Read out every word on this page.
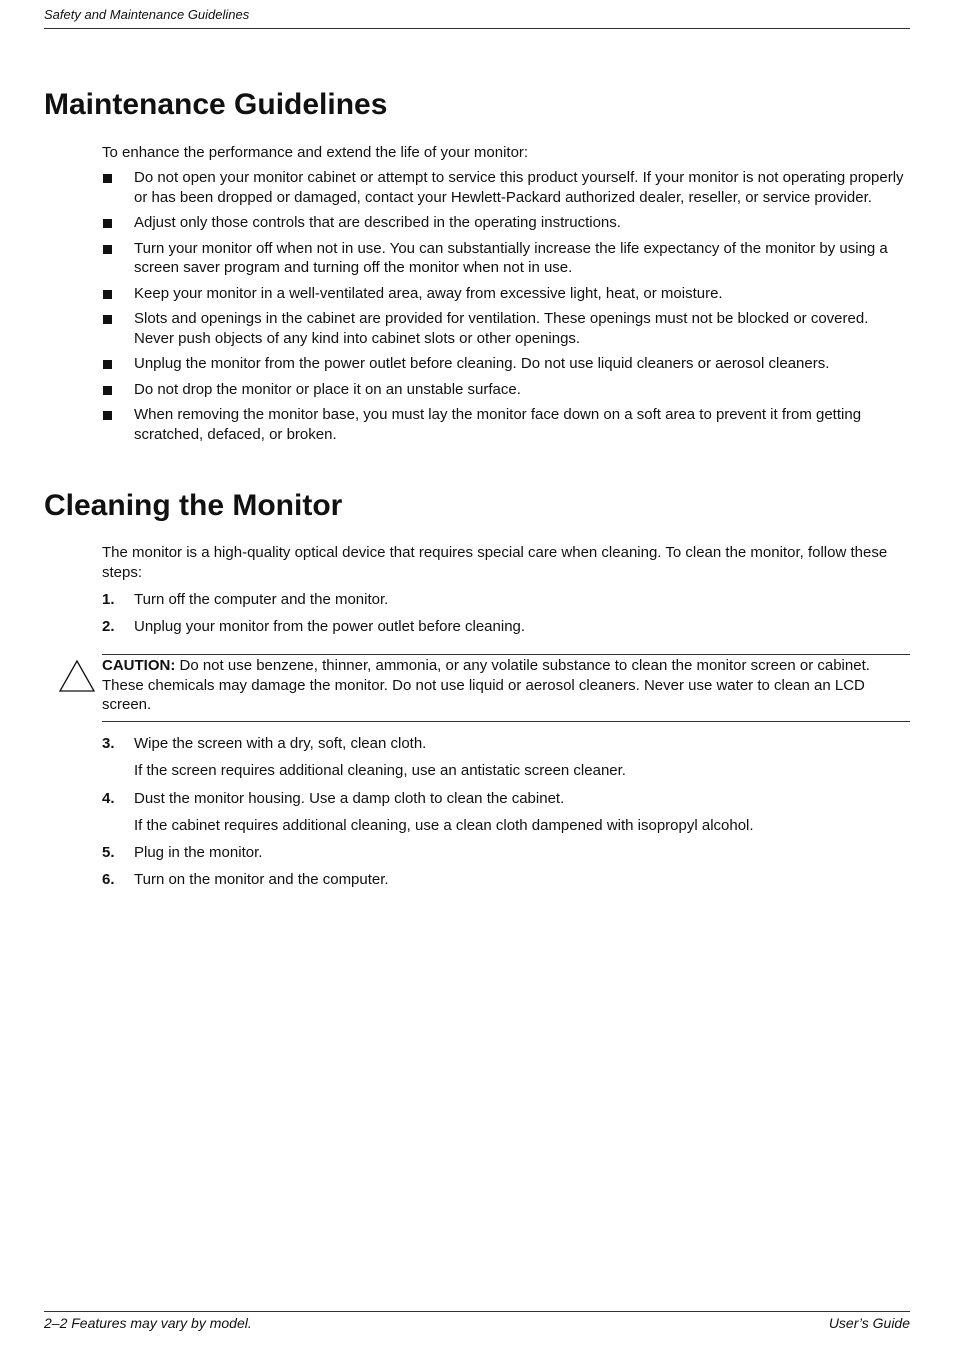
Safety and Maintenance Guidelines
Maintenance Guidelines

To enhance the performance and extend the life of your monitor:

Do not open your monitor cabinet or attempt to service this product yourself. If your monitor is not operating properly or has been dropped or damaged, contact your Hewlett-Packard authorized dealer, reseller, or service provider.
Adjust only those controls that are described in the operating instructions.
Turn your monitor off when not in use. You can substantially increase the life expectancy of the monitor by using a screen saver program and turning off the monitor when not in use.
Keep your monitor in a well-ventilated area, away from excessive light, heat, or moisture.
Slots and openings in the cabinet are provided for ventilation. These openings must not be blocked or covered. Never push objects of any kind into cabinet slots or other openings.
Unplug the monitor from the power outlet before cleaning. Do not use liquid cleaners or aerosol cleaners.
Do not drop the monitor or place it on an unstable surface.
When removing the monitor base, you must lay the monitor face down on a soft area to prevent it from getting scratched, defaced, or broken.
Cleaning the Monitor

The monitor is a high-quality optical device that requires special care when cleaning. To clean the monitor, follow these steps:

1. Turn off the computer and the monitor.
2. Unplug your monitor from the power outlet before cleaning.
CAUTION: Do not use benzene, thinner, ammonia, or any volatile substance to clean the monitor screen or cabinet. These chemicals may damage the monitor. Do not use liquid or aerosol cleaners. Never use water to clean an LCD screen.
3. Wipe the screen with a dry, soft, clean cloth.
If the screen requires additional cleaning, use an antistatic screen cleaner.
4. Dust the monitor housing. Use a damp cloth to clean the cabinet.
If the cabinet requires additional cleaning, use a clean cloth dampened with isopropyl alcohol.
5. Plug in the monitor.
6. Turn on the monitor and the computer.
2–2 Features may vary by model.	User’s Guide
